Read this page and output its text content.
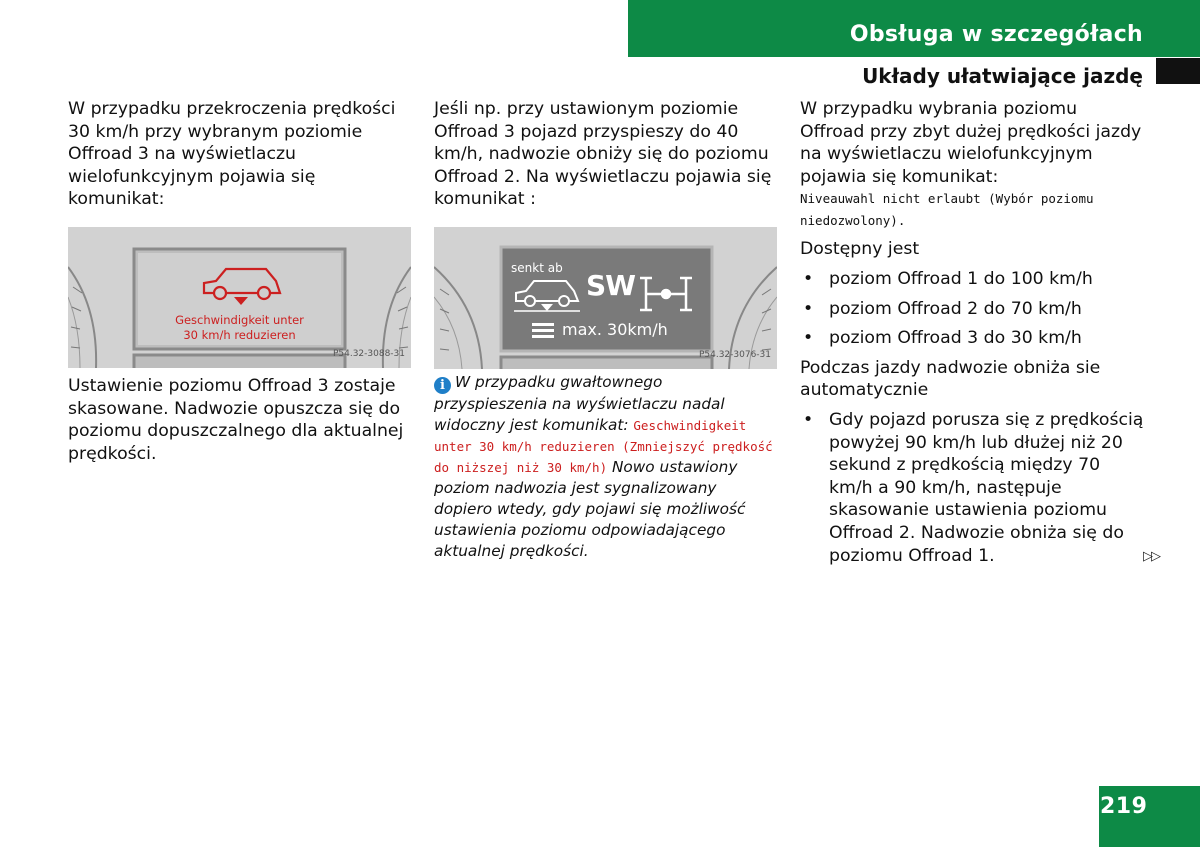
Obsługa w szczegółach
Układy ułatwiające jazdę

W przypadku przekroczenia prędkości 30 km/h przy wybranym poziomie Offroad 3 na wyświetlaczu wielofunkcyjnym pojawia się komunikat:

Geschwindigkeit unter
30 km/h reduzieren
P54.32-3088-31

Ustawienie poziomu Offroad 3 zostaje skasowane. Nadwozie opuszcza się do poziomu dopuszczalnego dla aktualnej prędkości.

Jeśli np. przy ustawionym poziomie Offroad 3 pojazd przyspieszy do 40 km/h, nadwozie obniży się do poziomu Offroad 2. Na wyświetlaczu pojawia się komunikat :

senkt ab
SW
max. 30km/h
P54.32-3076-31

i W przypadku gwałtownego przyspieszenia na wyświetlaczu nadal widoczny jest komunikat: Geschwindigkeit unter 30 km/h reduzieren (Zmniejszyć prędkość do niższej niż 30 km/h) Nowo ustawiony poziom nadwozia jest sygnalizowany dopiero wtedy, gdy pojawi się możliwość ustawienia poziomu odpowiadającego aktualnej prędkości.

W przypadku wybrania poziomu Offroad przy zbyt dużej prędkości jazdy na wyświetlaczu wielofunkcyjnym pojawia się komunikat:

Niveauwahl nicht erlaubt (Wybór poziomu niedozwolony).

Dostępny jest

• poziom Offroad 1 do 100 km/h
• poziom Offroad 2 do 70 km/h
• poziom Offroad 3 do 30 km/h

Podczas jazdy nadwozie obniża sie automatycznie

• Gdy pojazd porusza się z prędkością powyżej 90 km/h lub dłużej niż 20 sekund z prędkością między 70 km/h a 90 km/h, następuje skasowanie ustawienia poziomu Offroad 2. Nadwozie obniża się do poziomu Offroad 1.	▷▷
219
